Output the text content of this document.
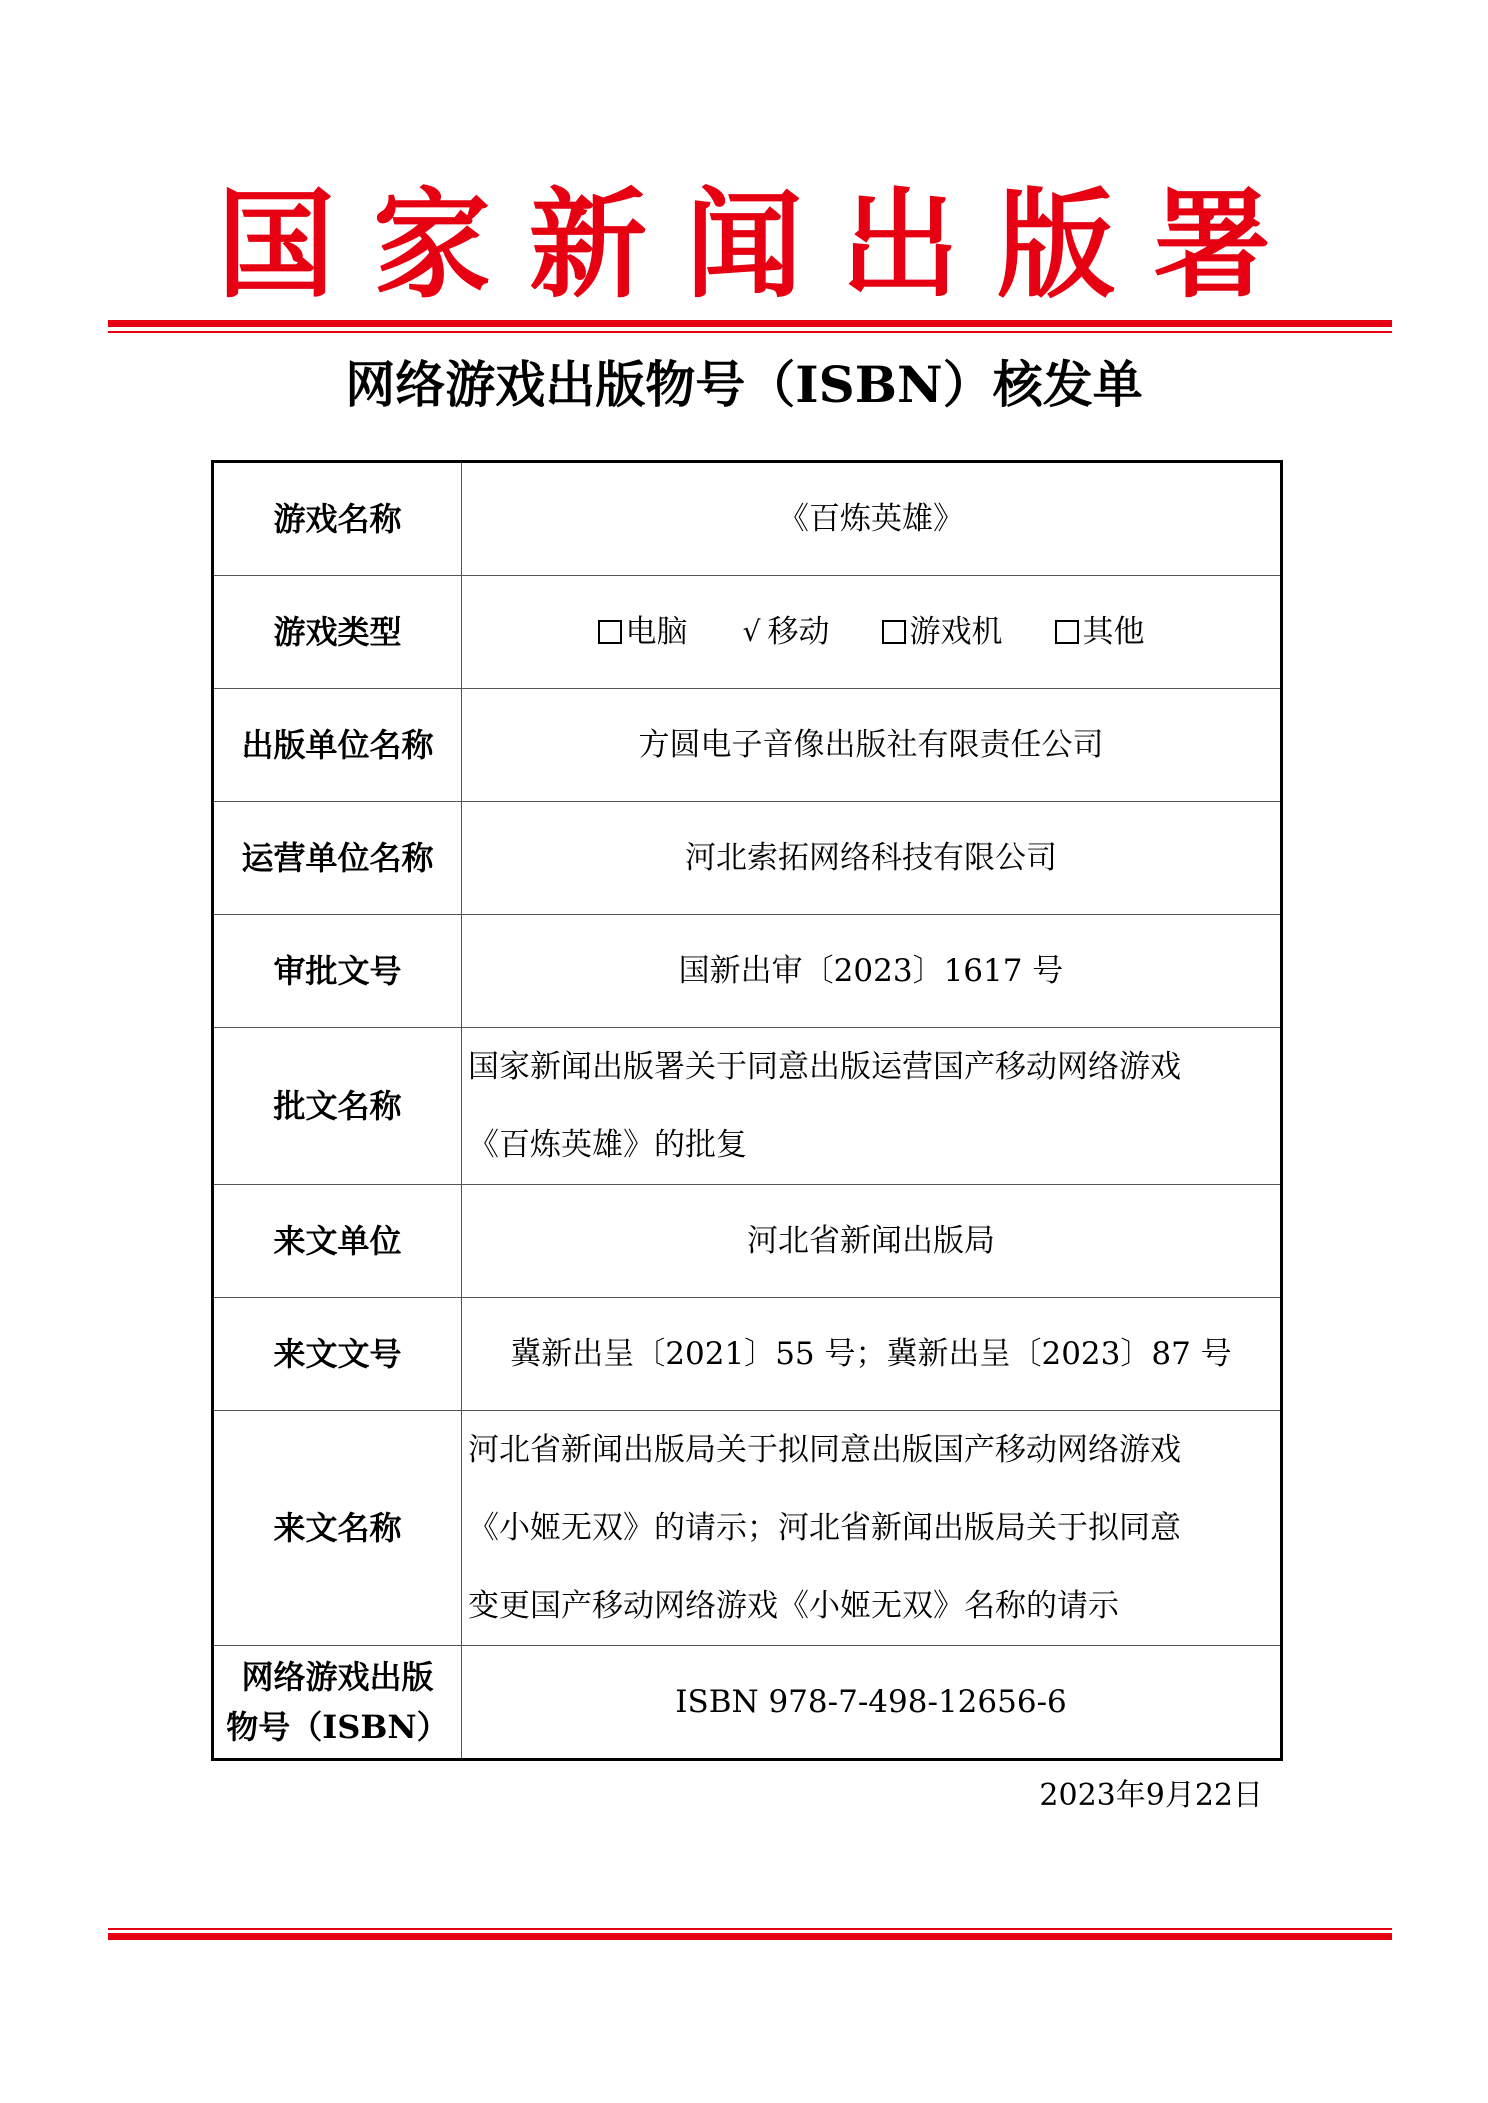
国 家 新 闻 出 版 署
网络游戏出版物号（ISBN）核发单
游戏名称	《百炼英雄》
游戏类型	电脑 √ 移动 游戏机 其他

出版单位名称	方圆电子音像出版社有限责任公司
运营单位名称	河北索拓网络科技有限公司
审批文号	国新出审〔2023〕1617 号
批文名称	国家新闻出版署关于同意出版运营国产移动网络游戏
《百炼英雄》的批复

来文单位	河北省新闻出版局
来文文号	冀新出呈〔2021〕55 号；冀新出呈〔2023〕87 号
来文名称	河北省新闻出版局关于拟同意出版国产移动网络游戏
《小姬无双》的请示；河北省新闻出版局关于拟同意
变更国产移动网络游戏《小姬无双》名称的请示

网络游戏出版
物号（ISBN）	ISBN 978-7-498-12656-6
2023年9月22日
